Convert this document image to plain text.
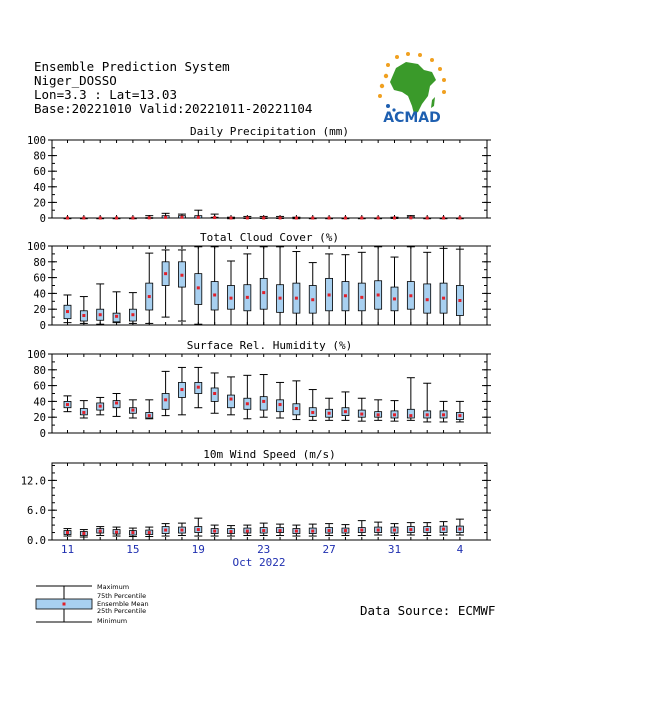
Ensemble Prediction System
Niger_DOSSO
Lon=3.3 : Lat=13.03
Base:20221010 Valid:20221011-20221104
ACMAD
Daily Precipitation (mm)
0
20
40
60
80
100
Total Cloud Cover (%)
0
20
40
60
80
100
Surface Rel. Humidity (%)
0
20
40
60
80
100
10m Wind Speed (m/s)
0.0
6.0
12.0
11	15	19	23	27	31	4
Oct 2022
Maximum
75th Percentile
Ensemble Mean
25th Percentile
Minimum
Data Source: ECMWF
